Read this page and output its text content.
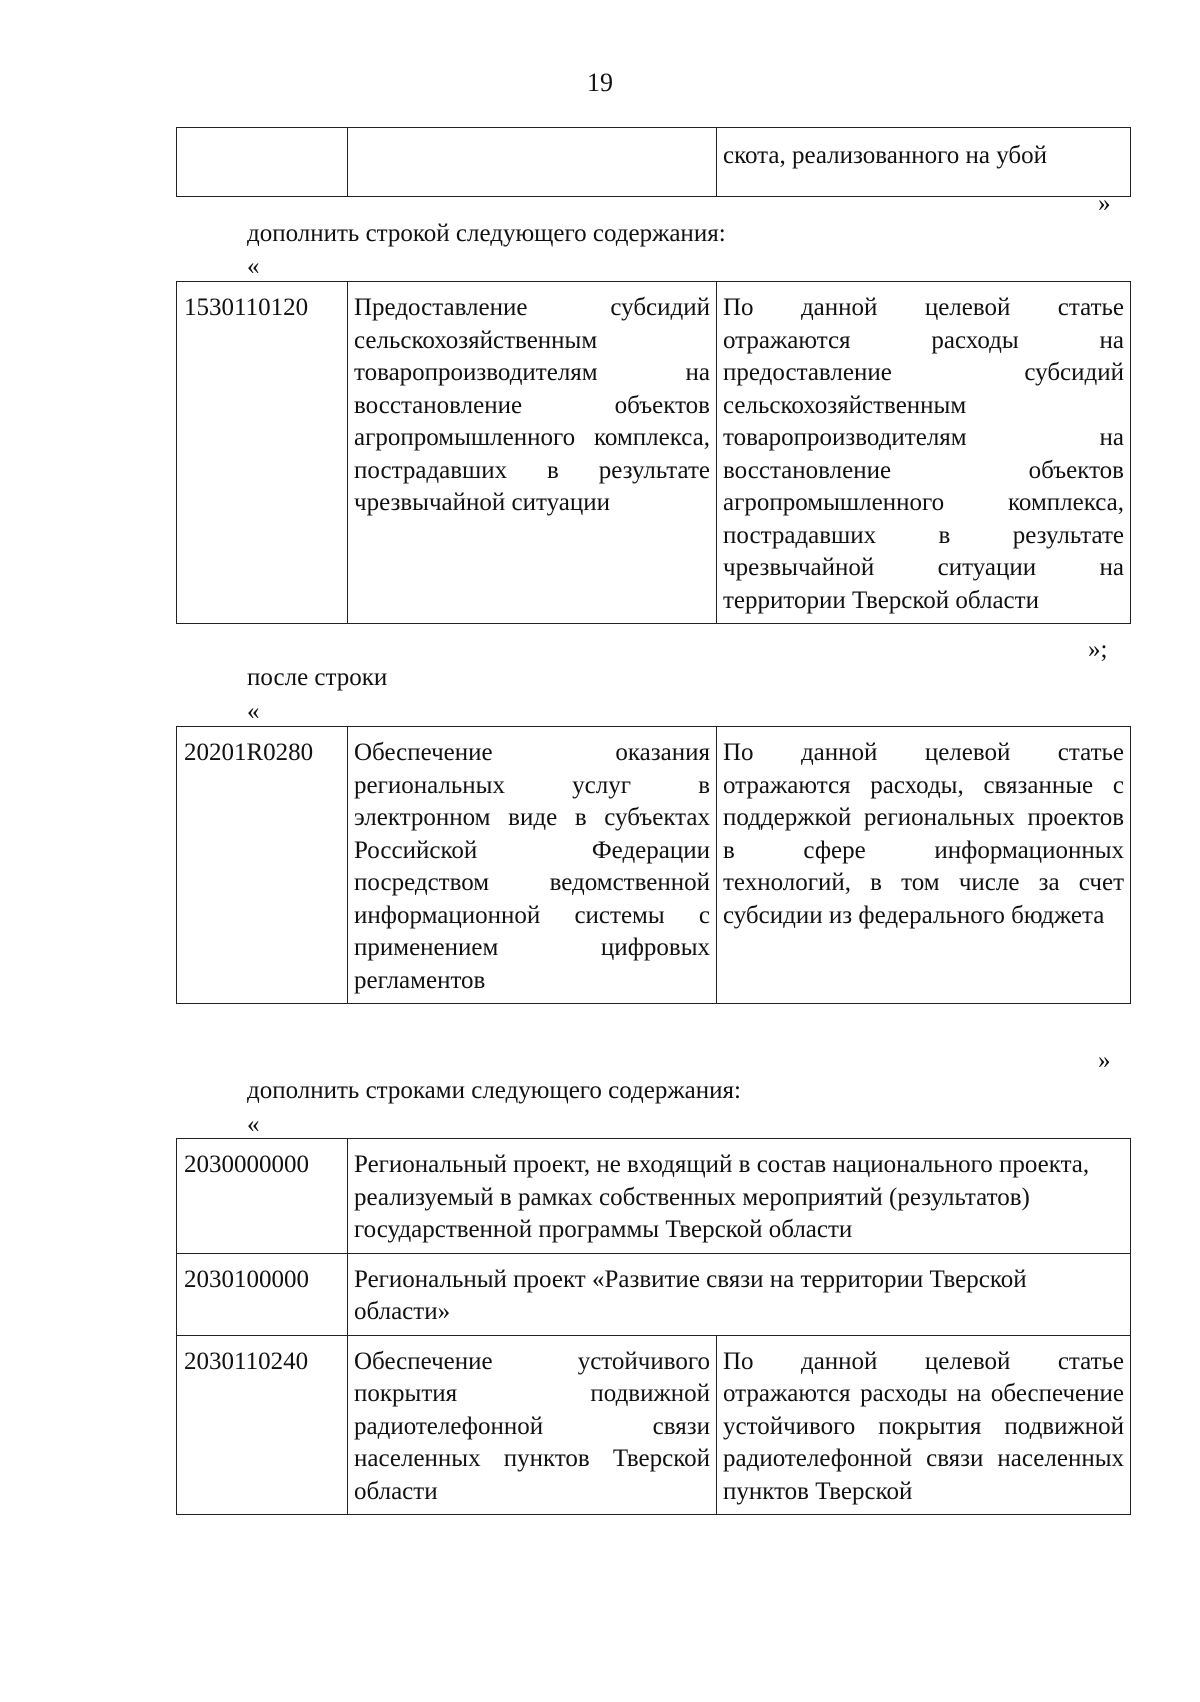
19
		скота, реализованного на убой
»
дополнить строкой следующего содержания:
«
1530110120	Предоставление субсидий сельскохозяйственным товаропроизводителям на восстановление объектов агропромышленного комплекса, пострадавших в результате чрезвычайной ситуации	По данной целевой статье отражаются расходы на предоставление субсидий сельскохозяйственным товаропроизводителям на восстановление объектов агропромышленного комплекса, пострадавших в результате чрезвычайной ситуации на территории Тверской области
»;
после строки
«
20201R0280	Обеспечение оказания региональных услуг в электронном виде в субъектах Российской Федерации посредством ведомственной информационной системы с применением цифровых регламентов	По данной целевой статье отражаются расходы, связанные с поддержкой региональных проектов в сфере информационных технологий, в том числе за счет субсидии из федерального бюджета
»
дополнить строками следующего содержания:
«
2030000000	Региональный проект, не входящий в состав национального проекта, реализуемый в рамках собственных мероприятий (результатов) государственной программы Тверской области	
2030100000	Региональный проект «Развитие связи на территории Тверской области»	
2030110240	Обеспечение устойчивого покрытия подвижной радиотелефонной связи населенных пунктов Тверской области	По данной целевой статье отражаются расходы на обеспечение устойчивого покрытия подвижной радиотелефонной связи населенных пунктов Тверской
